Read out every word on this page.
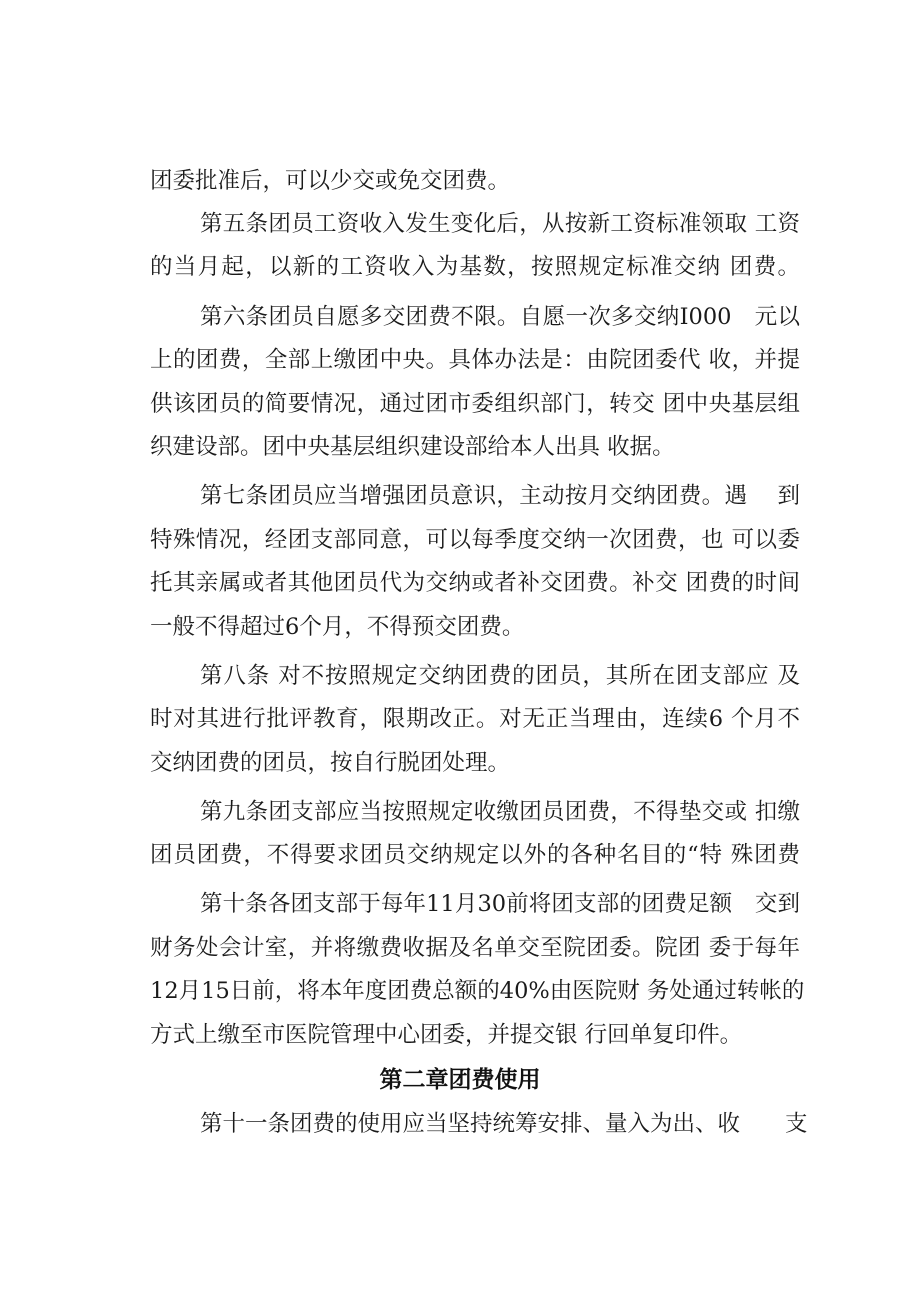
团委批准后，可以少交或免交团费。
第五条团员工资收入发生变化后，从按新工资标准领取 工资
的当月起，以新的工资收入为基数，按照规定标准交纳 团费。
第六条团员自愿多交团费不限。自愿一次多交纳I000　元以
上的团费，全部上缴团中央。具体办法是：由院团委代 收，并提
供该团员的简要情况，通过团市委组织部门，转交 团中央基层组
织建设部。团中央基层组织建设部给本人出具 收据。
第七条团员应当增强团员意识，主动按月交纳团费。遇　 到
特殊情况，经团支部同意，可以每季度交纳一次团费，也 可以委
托其亲属或者其他团员代为交纳或者补交团费。补交 团费的时间
一般不得超过6个月，不得预交团费。
第八条 对不按照规定交纳团费的团员，其所在团支部应 及
时对其进行批评教育，限期改正。对无正当理由，连续6 个月不
交纳团费的团员，按自行脱团处理。
第九条团支部应当按照规定收缴团员团费，不得垫交或 扣缴
团员团费，不得要求团员交纳规定以外的各种名目的“特 殊团费
第十条各团支部于每年11月30前将团支部的团费足额　交到
财务处会计室，并将缴费收据及名单交至院团委。院团 委于每年
12月15日前，将本年度团费总额的40%由医院财 务处通过转帐的
方式上缴至市医院管理中心团委，并提交银 行回单复印件。
第二章团费使用
第十一条团费的使用应当坚持统筹安排、量入为出、收　　支
